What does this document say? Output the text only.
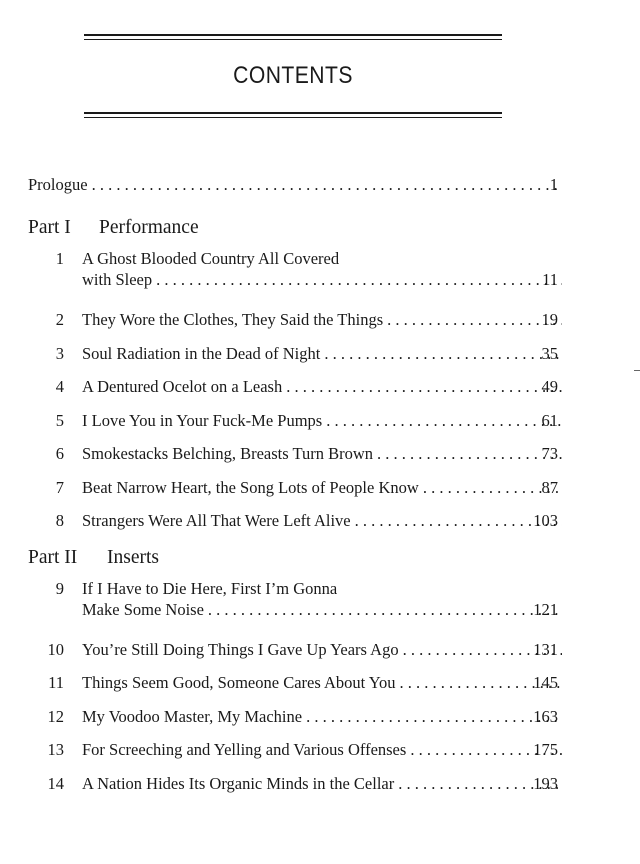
CONTENTS
Prologue . . .	1
Part I Performance
1 A Ghost Blooded Country All Covered
with Sleep . . .	11
2 They Wore the Clothes, They Said the Things . . .	19
3 Soul Radiation in the Dead of Night . . .	35
4 A Dentured Ocelot on a Leash . . .	49
5 I Love You in Your Fuck-Me Pumps . . .	61
6 Smokestacks Belching, Breasts Turn Brown . . .	73
7 Beat Narrow Heart, the Song Lots of People Know . . .	87
8 Strangers Were All That Were Left Alive . . .	103
Part II Inserts
9 If I Have to Die Here, First I’m Gonna
Make Some Noise . . .	121
10 You’re Still Doing Things I Gave Up Years Ago . . .	131
11 Things Seem Good, Someone Cares About You . . .	145
12 My Voodoo Master, My Machine . . .	163
13 For Screeching and Yelling and Various Offenses . . .	175
14 A Nation Hides Its Organic Minds in the Cellar . . .	193
